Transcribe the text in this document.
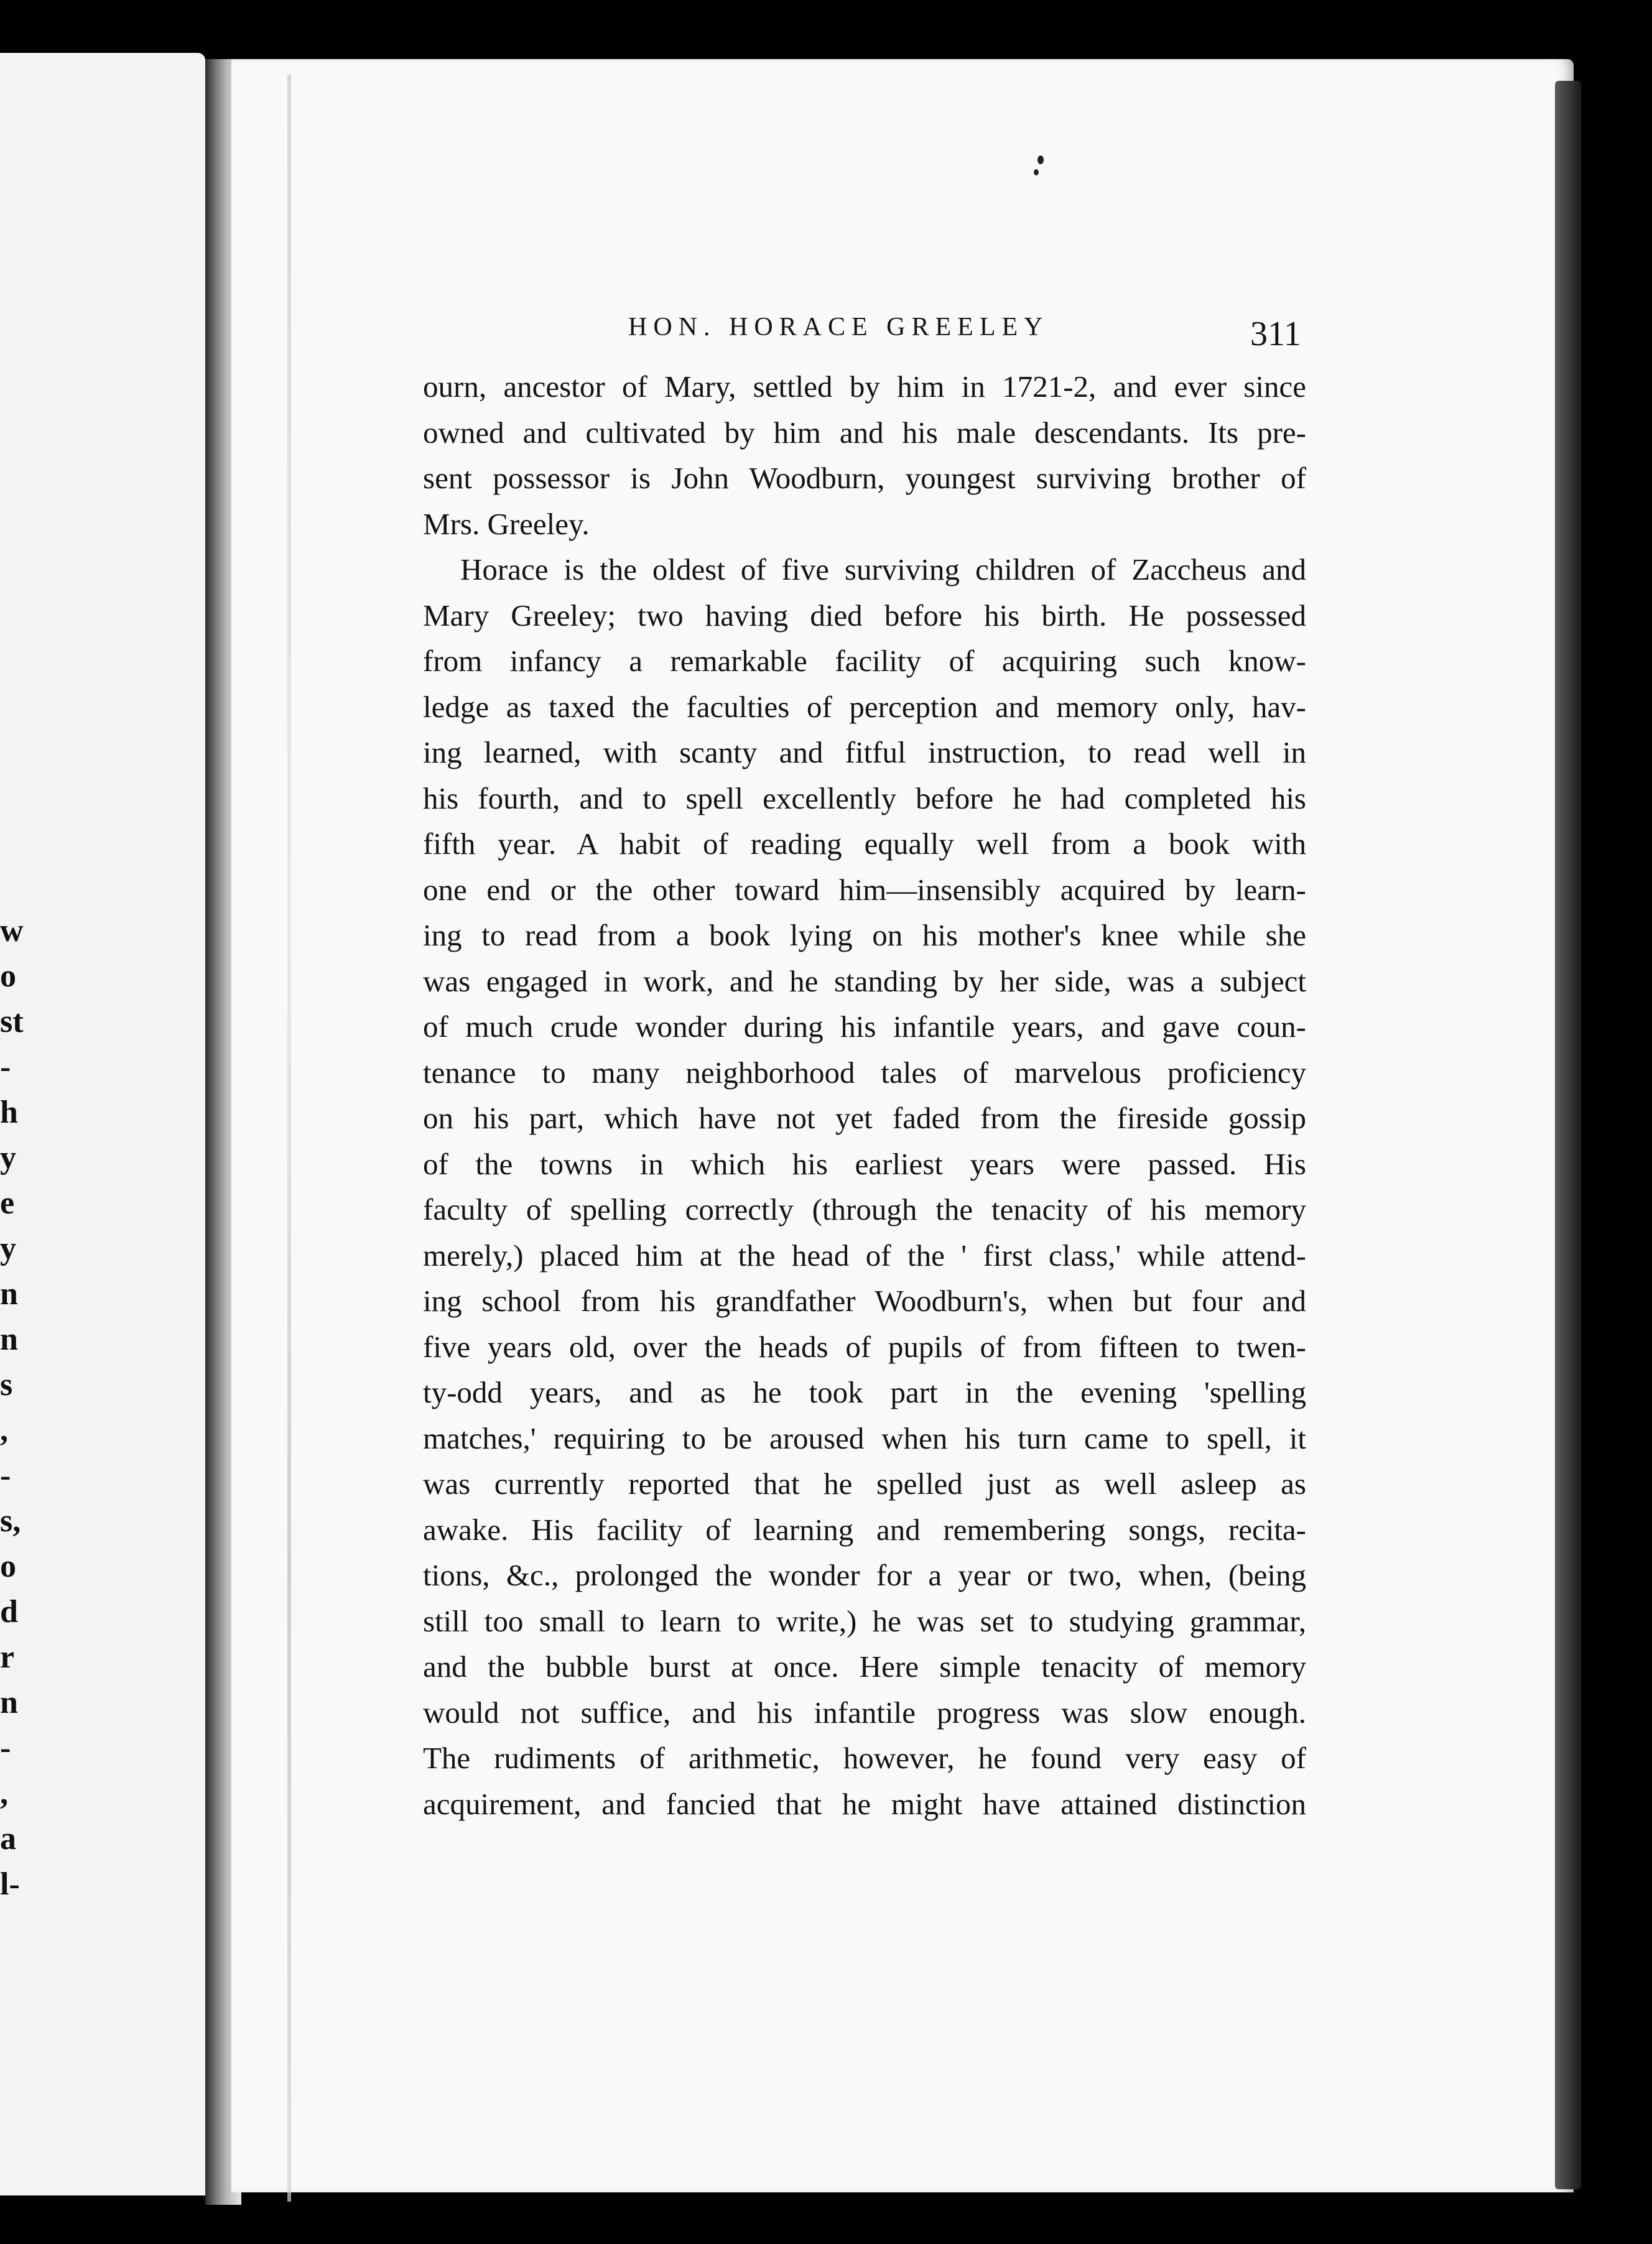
w
o
st
-
h
y
e
y
n
n
s
,
-
s,
o
d
r
n
-
,
a
l-
HON. HORACE GREELEY	311
ourn, ancestor of Mary, settled by him in 1721-2, and ever since
owned and cultivated by him and his male descendants. Its pre-
sent possessor is John Woodburn, youngest surviving brother of
Mrs. Greeley.
Horace is the oldest of five surviving children of Zaccheus and
Mary Greeley; two having died before his birth. He possessed
from infancy a remarkable facility of acquiring such know-
ledge as taxed the faculties of perception and memory only, hav-
ing learned, with scanty and fitful instruction, to read well in
his fourth, and to spell excellently before he had completed his
fifth year. A habit of reading equally well from a book with
one end or the other toward him—insensibly acquired by learn-
ing to read from a book lying on his mother's knee while she
was engaged in work, and he standing by her side, was a subject
of much crude wonder during his infantile years, and gave coun-
tenance to many neighborhood tales of marvelous proficiency
on his part, which have not yet faded from the fireside gossip
of the towns in which his earliest years were passed. His
faculty of spelling correctly (through the tenacity of his memory
merely,) placed him at the head of the ' first class,' while attend-
ing school from his grandfather Woodburn's, when but four and
five years old, over the heads of pupils of from fifteen to twen-
ty-odd years, and as he took part in the evening 'spelling
matches,' requiring to be aroused when his turn came to spell, it
was currently reported that he spelled just as well asleep as
awake. His facility of learning and remembering songs, recita-
tions, &c., prolonged the wonder for a year or two, when, (being
still too small to learn to write,) he was set to studying grammar,
and the bubble burst at once. Here simple tenacity of memory
would not suffice, and his infantile progress was slow enough.
The rudiments of arithmetic, however, he found very easy of
acquirement, and fancied that he might have attained distinction
